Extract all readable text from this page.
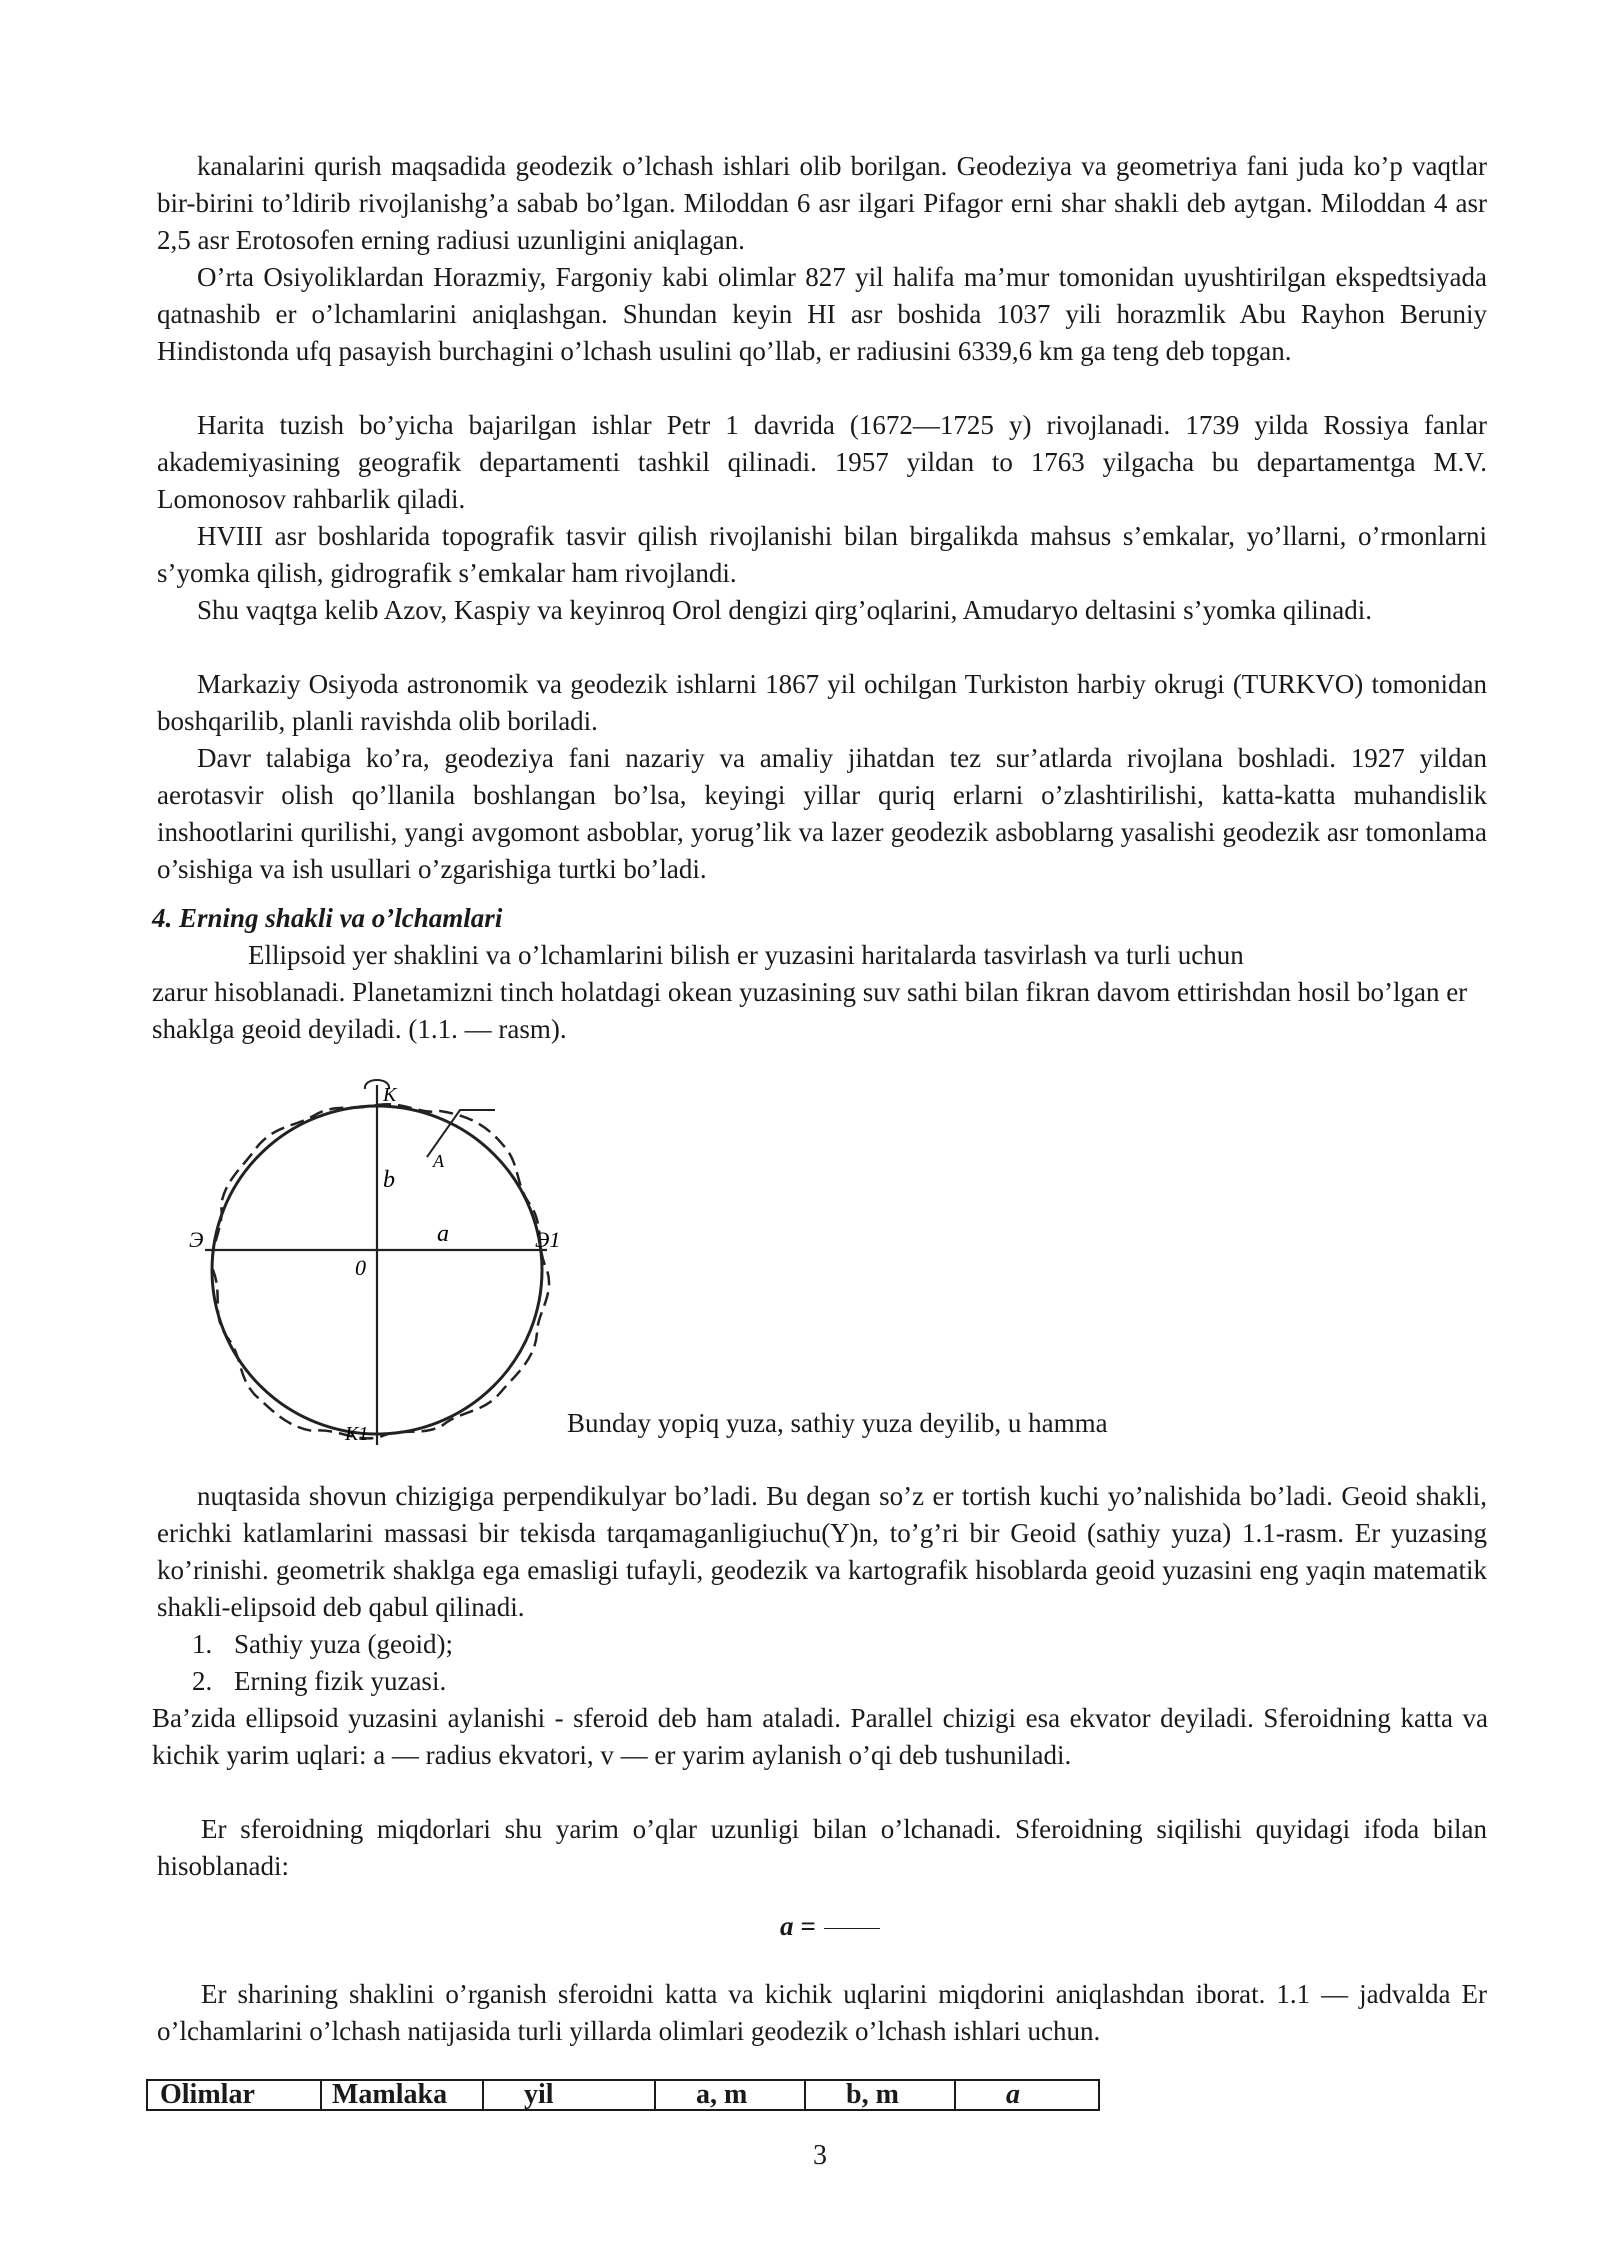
kanalarini qurish maqsadida geodezik o’lchash ishlari olib borilgan. Geodeziya va geometriya fani juda ko’p vaqtlar bir-birini to’ldirib rivojlanishg’a sabab bo’lgan. Miloddan 6 asr ilgari Pifagor erni shar shakli deb aytgan. Miloddan 4 asr 2,5 asr Erotosofen erning radiusi uzunligini aniqlagan.

O’rta Osiyoliklardan Horazmiy, Fargoniy kabi olimlar 827 yil halifa ma’mur tomonidan uyushtirilgan ekspedtsiyada qatnashib er o’lchamlarini aniqlashgan. Shundan keyin HI asr boshida 1037 yili horazmlik Abu Rayhon Beruniy Hindistonda ufq pasayish burchagini o’lchash usulini qo’llab, er radiusini 6339,6 km ga teng deb topgan.

Harita tuzish bo’yicha bajarilgan ishlar Petr 1 davrida (1672—1725 y) rivojlanadi. 1739 yilda Rossiya fanlar akademiyasining geografik departamenti tashkil qilinadi. 1957 yildan to 1763 yilgacha bu departamentga M.V. Lomonosov rahbarlik qiladi.

HVIII asr boshlarida topografik tasvir qilish rivojlanishi bilan birgalikda mahsus s’emkalar, yo’llarni, o’rmonlarni s’yomka qilish, gidrografik s’emkalar ham rivojlandi.

Shu vaqtga kelib Azov, Kaspiy va keyinroq Orol dengizi qirg’oqlarini, Amudaryo deltasini s’yomka qilinadi.

Markaziy Osiyoda astronomik va geodezik ishlarni 1867 yil ochilgan Turkiston harbiy okrugi (TURKVO) tomonidan boshqarilib, planli ravishda olib boriladi.

Davr talabiga ko’ra, geodeziya fani nazariy va amaliy jihatdan tez sur’atlarda rivojlana boshladi. 1927 yildan aerotasvir olish qo’llanila boshlangan bo’lsa, keyingi yillar quriq erlarni o’zlashtirilishi, katta-katta muhandislik inshootlarini qurilishi, yangi avgomont asboblar, yorug’lik va lazer geodezik asboblarng yasalishi geodezik asr tomonlama o’sishiga va ish usullari o’zgarishiga turtki bo’ladi.

4. Erning shakli va o’lchamlari

Ellipsoid yer shaklini va o’lchamlarini bilish er yuzasini haritalarda tasvirlash va turli uchun

zarur hisoblanadi. Planetamizni tinch holatdagi okean yuzasining suv sathi bilan fikran davom ettirishdan hosil bo’lgan er shaklga geoid deyiladi. (1.1. — rasm).

K
b
a
0
Э	Э1
K1
A

Bunday yopiq yuza, sathiy yuza deyilib, u hamma

nuqtasida shovun chizigiga perpendikulyar bo’ladi. Bu degan so’z er tortish kuchi yo’nalishida bo’ladi. Geoid shakli, erichki katlamlarini massasi bir tekisda tarqamaganligiuchu(Y)n, to’g’ri bir Geoid (sathiy yuza) 1.1-rasm. Er yuzasing ko’rinishi. geometrik shaklga ega emasligi tufayli, geodezik va kartografik hisoblarda geoid yuzasini eng yaqin matematik shakli-elipsoid deb qabul qilinadi.

1. Sathiy yuza (geoid);
2. Erning fizik yuzasi.

Ba’zida ellipsoid yuzasini aylanishi - sferoid deb ham ataladi. Parallel chizigi esa ekvator deyiladi. Sferoidning katta va kichik yarim uqlari: a — radius ekvatori, v — er yarim aylanish o’qi deb tushuniladi.

Er sferoidning miqdorlari shu yarim o’qlar uzunligi bilan o’lchanadi. Sferoidning siqilishi quyidagi ifoda bilan hisoblanadi:

a =

Er sharining shaklini o’rganish sferoidni katta va kichik uqlarini miqdorini aniqlashdan iborat. 1.1 — jadvalda Er o’lchamlarini o’lchash natijasida turli yillarda olimlari geodezik o’lchash ishlari uchun.

Olimlar	Mamlaka	yil	a, m	b, m	a
3
